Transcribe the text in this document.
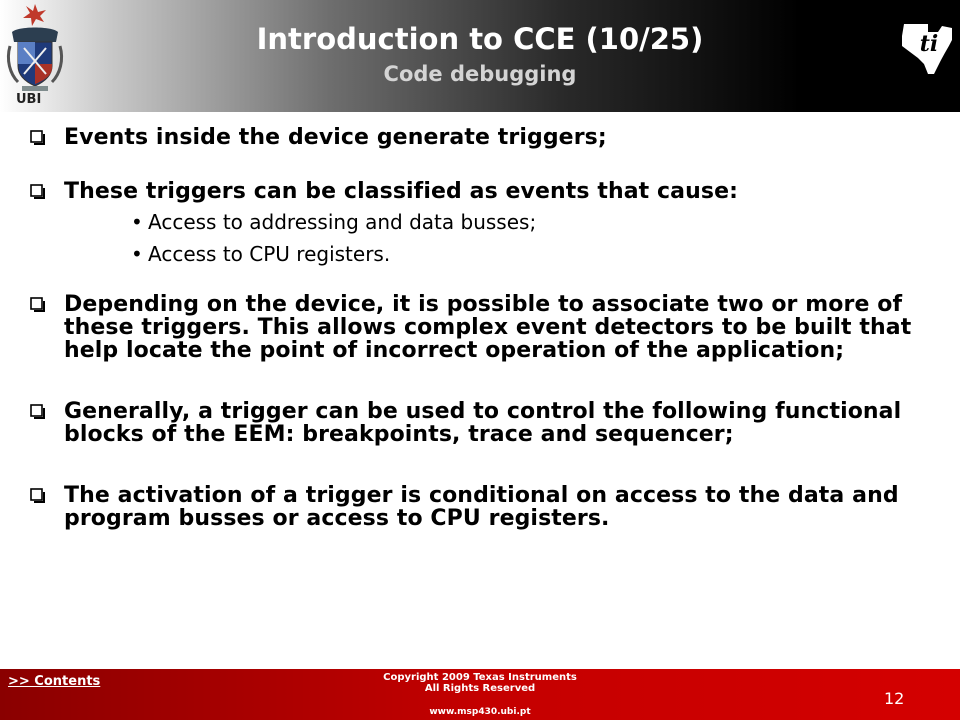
UBI
Introduction to CCE (10/25)
Code debugging
ti
Events inside the device generate triggers;
These triggers can be classified as events that cause:
• Access to addressing and data busses;
• Access to CPU registers.
Depending on the device, it is possible to associate two or more of these triggers. This allows complex event detectors to be built that help locate the point of incorrect operation of the application;
Generally, a trigger can be used to control the following functional blocks of the EEM: breakpoints, trace and sequencer;
The activation of a trigger is conditional on access to the data and program busses or access to CPU registers.
>> Contents	Copyright 2009 Texas Instruments
All Rights Reserved
www.msp430.ubi.pt
12
